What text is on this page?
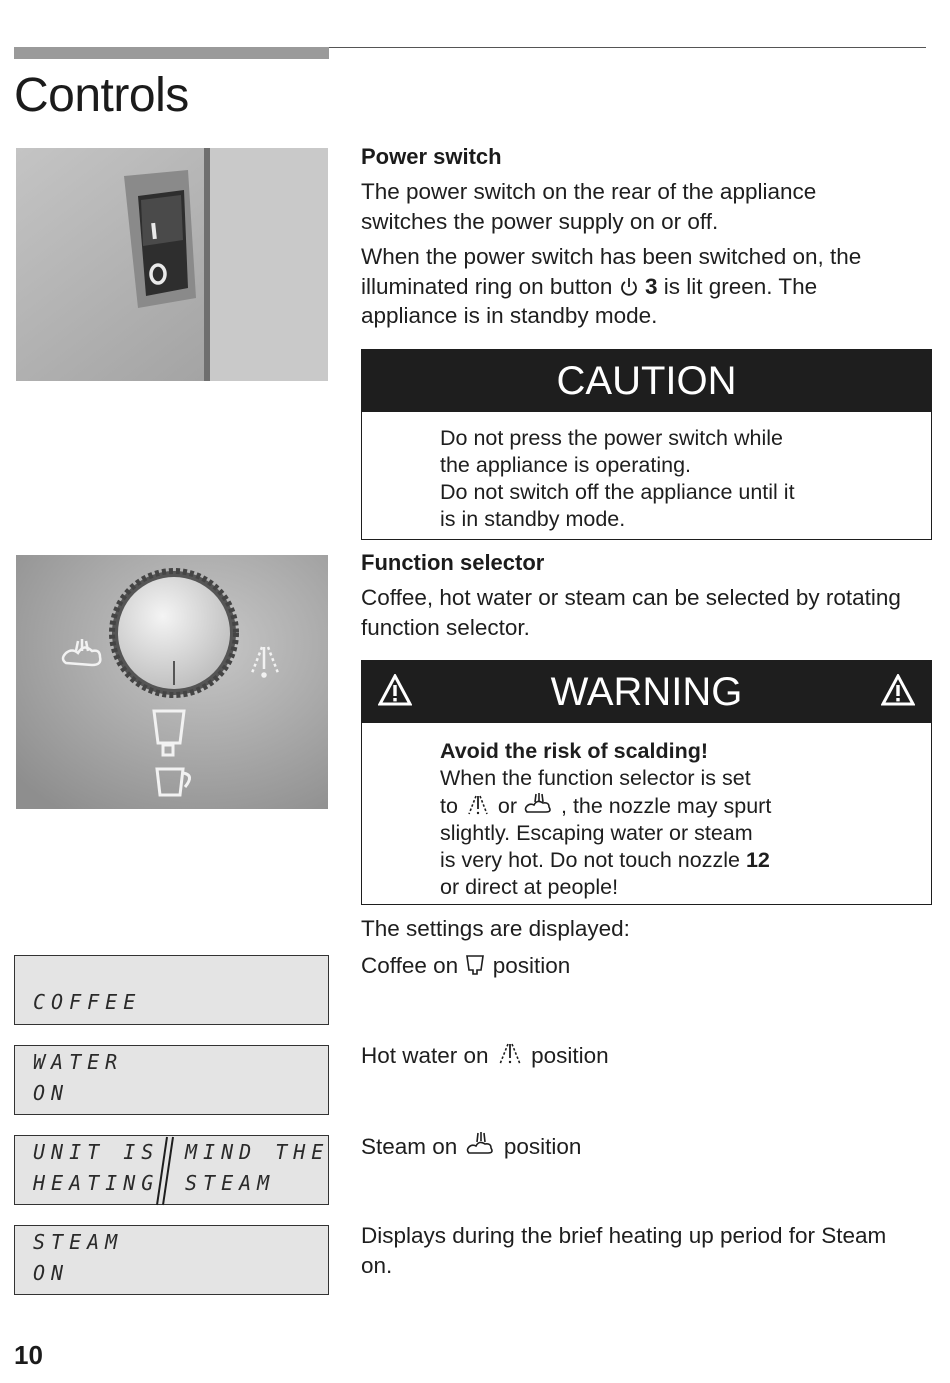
Controls
Power switch

The power switch on the rear of the appliance switches the power supply on or off.

When the power switch has been switched on, the illuminated ring on button 3 is lit green. The appliance is in standby mode.

CAUTION
Do not press the power switch while
the appliance is operating.
Do not switch off the appliance until it
is in standby mode.
Function selector

Coffee, hot water or steam can be selected by rotating function selector.

WARNING
Avoid the risk of scalding!
When the function selector is set
to or , the nozzle may spurt
slightly. Escaping water or steam
is very hot. Do not touch nozzle 12
or direct at people!

The settings are displayed:

COFFEE

Coffee on position

WATER
ON

Hot water on position

UNIT IS
HEATING
MIND THE
STEAM

Steam on position

STEAM
ON

Displays during the brief heating up period for Steam on.

10
